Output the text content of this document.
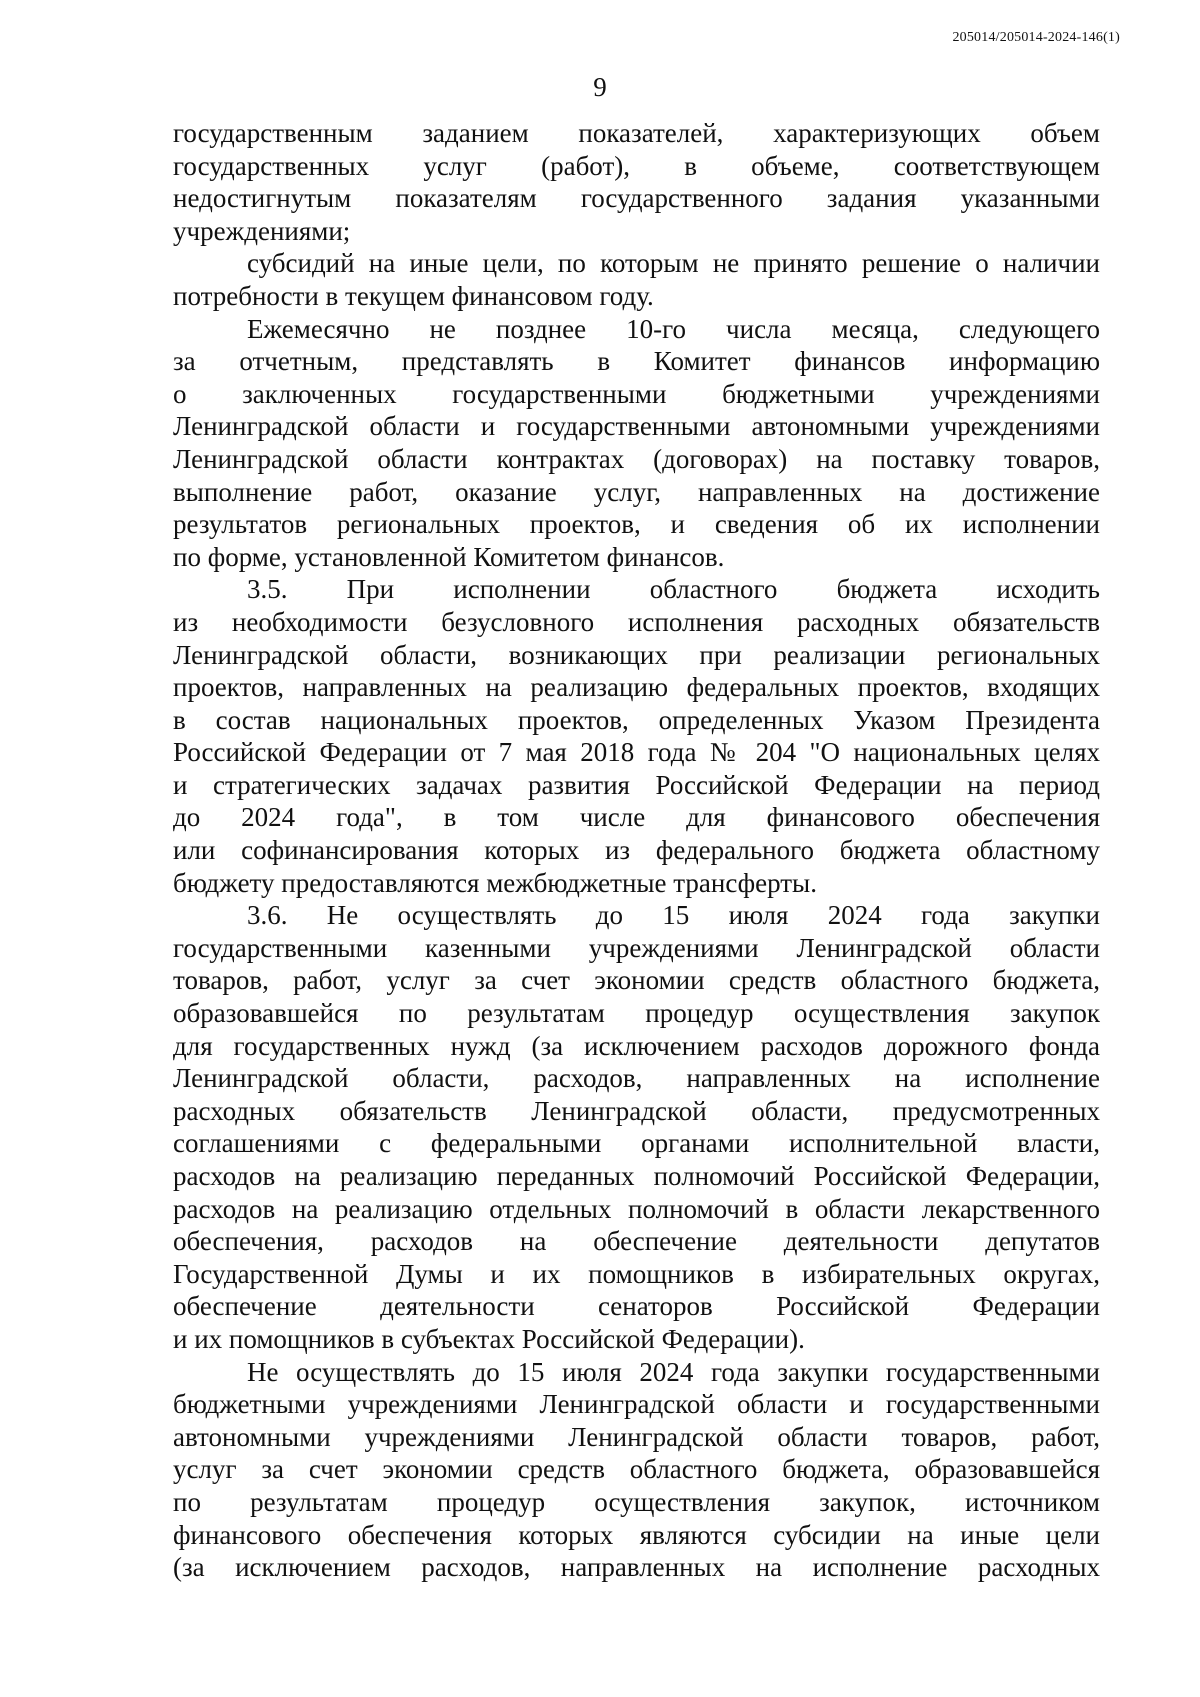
205014/205014-2024-146(1)
9
государственным заданием показателей, характеризующих объем
государственных услуг (работ), в объеме, соответствующем
недостигнутым показателям государственного задания указанными
учреждениями;
субсидий на иные цели, по которым не принято решение о наличии
потребности в текущем финансовом году.
Ежемесячно не позднее 10-го числа месяца, следующего
за отчетным, представлять в Комитет финансов информацию
о заключенных государственными бюджетными учреждениями
Ленинградской области и государственными автономными учреждениями
Ленинградской области контрактах (договорах) на поставку товаров,
выполнение работ, оказание услуг, направленных на достижение
результатов региональных проектов, и сведения об их исполнении
по форме, установленной Комитетом финансов.
3.5. При исполнении областного бюджета исходить
из необходимости безусловного исполнения расходных обязательств
Ленинградской области, возникающих при реализации региональных
проектов, направленных на реализацию федеральных проектов, входящих
в состав национальных проектов, определенных Указом Президента
Российской Федерации от 7 мая 2018 года № 204 "О национальных целях
и стратегических задачах развития Российской Федерации на период
до 2024 года", в том числе для финансового обеспечения
или софинансирования которых из федерального бюджета областному
бюджету предоставляются межбюджетные трансферты.
3.6. Не осуществлять до 15 июля 2024 года закупки
государственными казенными учреждениями Ленинградской области
товаров, работ, услуг за счет экономии средств областного бюджета,
образовавшейся по результатам процедур осуществления закупок
для государственных нужд (за исключением расходов дорожного фонда
Ленинградской области, расходов, направленных на исполнение
расходных обязательств Ленинградской области, предусмотренных
соглашениями с федеральными органами исполнительной власти,
расходов на реализацию переданных полномочий Российской Федерации,
расходов на реализацию отдельных полномочий в области лекарственного
обеспечения, расходов на обеспечение деятельности депутатов
Государственной Думы и их помощников в избирательных округах,
обеспечение деятельности сенаторов Российской Федерации
и их помощников в субъектах Российской Федерации).
Не осуществлять до 15 июля 2024 года закупки государственными
бюджетными учреждениями Ленинградской области и государственными
автономными учреждениями Ленинградской области товаров, работ,
услуг за счет экономии средств областного бюджета, образовавшейся
по результатам процедур осуществления закупок, источником
финансового обеспечения которых являются субсидии на иные цели
(за исключением расходов, направленных на исполнение расходных
